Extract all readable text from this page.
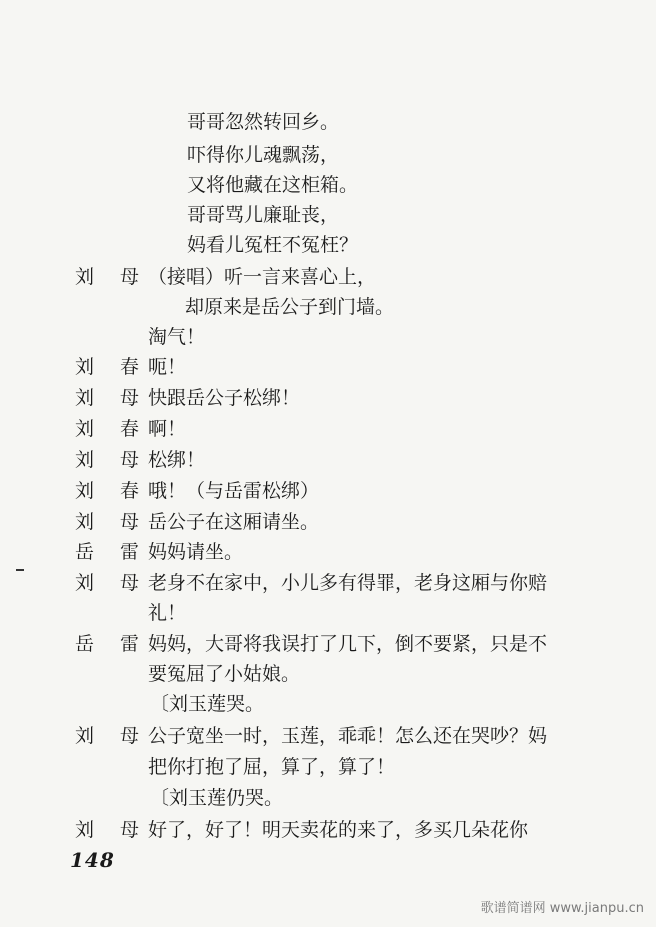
哥哥忽然转回乡。
吓得你儿魂飘荡，
又将他藏在这柜箱。
哥哥骂儿廉耻丧，
妈看儿冤枉不冤枉？
刘 母 （接唱）听一言来喜心上，
却原来是岳公子到门墙。
淘气！
刘 春 呃！
刘 母 快跟岳公子松绑！
刘 春 啊！
刘 母 松绑！
刘 春 哦！（与岳雷松绑）
刘 母 岳公子在这厢请坐。
岳 雷 妈妈请坐。
刘 母 老身不在家中，小儿多有得罪，老身这厢与你赔
礼！
岳 雷 妈妈，大哥将我误打了几下，倒不要紧，只是不
要冤屈了小姑娘。
〔刘玉莲哭。
刘 母 公子宽坐一时，玉莲，乖乖！怎么还在哭吵？妈
把你打抱了屈，算了，算了！
〔刘玉莲仍哭。
刘 母 好了，好了！明天卖花的来了，多买几朵花你
148
歌谱简谱网 www.jianpu.cn
